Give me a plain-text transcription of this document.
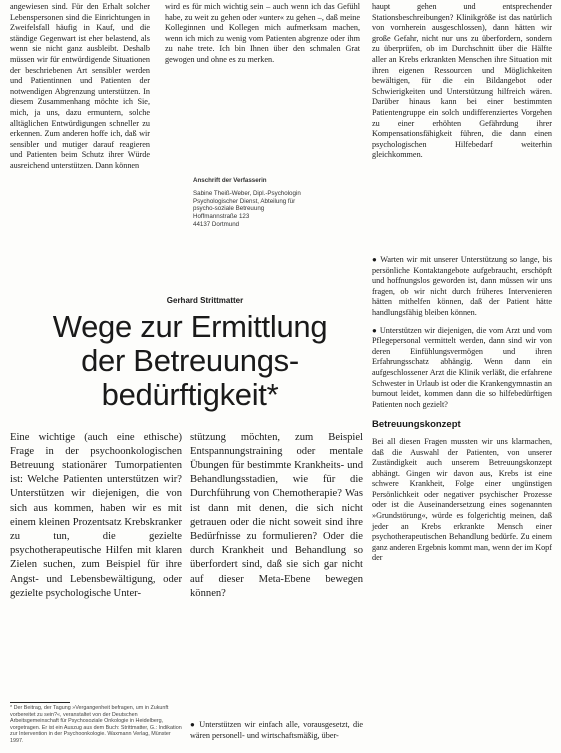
angewiesen sind. Für den Erhalt solcher Lebenspersonen sind die Einrichtungen in Zweifelsfall häufig in Kauf, und die ständige Gegenwart ist eher belastend, als wenn sie nicht ganz ausbleibt. Deshalb müssen wir für entwürdigende Situationen der beschriebenen Art sensibler werden und Patientinnen und Patienten der notwendigen Abgrenzung unterstützen. In diesem Zusammenhang möchte ich Sie, mich, ja uns, dazu ermuntern, solche alltäglichen Entwürdigungen schneller zu erkennen. Zum anderen hoffe ich, daß wir sensibler und mutiger darauf reagieren und Patienten beim Schutz ihrer Würde ausreichend unterstützen. Dann können

wird es für mich wichtig sein – auch wenn ich das Gefühl habe, zu weit zu gehen oder »unter« zu gehen –, daß meine Kolleginnen und Kollegen mich aufmerksam machen, wenn ich mich zu wenig vom Patienten abgrenze oder ihm zu nahe trete. Ich bin Ihnen über den schmalen Grat gewogen und ohne es zu merken.

haupt gehen und entsprechender Stationsbeschreibungen? Klinikgröße ist das natürlich von vornherein ausgeschlossen), dann hätten wir große Gefahr, nicht nur uns zu überfordern, sondern zu überprüfen, ob im Durchschnitt über die Hälfte aller an Krebs erkrankten Menschen ihre Situation mit ihren eigenen Ressourcen und Möglichkeiten bewältigen, für die ein Bildangebot oder Schwierigkeiten und Unterstützung hilfreich wären. Darüber hinaus kann bei einer bestimmten Patientengruppe ein solch undifferenziertes Vorgehen zu einer erhöhten Gefährdung ihrer Kompensationsfähigkeit führen, die dann einen psychologischen Hilfebedarf weiterhin gleichkommen.

Anschrift der Verfasserin
Sabine Theiß-Weber, Dipl.-Psychologin
Psychologischer Dienst, Abteilung für
psycho-soziale Betreuung
Hoffmannstraße 123
44137 Dortmund
Gerhard Strittmatter
Wege zur Ermittlung
der Betreuungs-
bedürftigkeit*

Eine wichtige (auch eine ethische) Frage in der psychoonkologischen Betreuung stationärer Tumorpatienten ist: Welche Patienten unterstützen wir? Unterstützen wir diejenigen, die von sich aus kommen, haben wir es mit einem kleinen Prozentsatz Krebskranker zu tun, die gezielte psychotherapeutische Hilfen mit klaren Zielen suchen, zum Beispiel für ihre Angst- und Lebensbewältigung, oder gezielte psychologische Unter-

stützung möchten, zum Beispiel Entspannungstraining oder mentale Übungen für bestimmte Krankheits- und Behandlungsstadien, wie für die Durchführung von Chemotherapie? Was ist dann mit denen, die sich nicht getrauen oder die nicht soweit sind ihre Bedürfnisse zu formulieren? Oder die durch Krankheit und Behandlung so überfordert sind, daß sie sich gar nicht auf dieser Meta-Ebene bewegen können?

● Warten wir mit unserer Unterstützung so lange, bis persönliche Kontaktangebote aufgebraucht, erschöpft und hoffnungslos geworden ist, dann müssen wir uns fragen, ob wir nicht durch früheres Intervenieren hätten mithelfen können, daß der Patient hätte handlungsfähig bleiben können.

● Unterstützen wir diejenigen, die vom Arzt und vom Pflegepersonal vermittelt werden, dann sind wir von deren Einfühlungsvermögen und ihren Erfahrungsschatz abhängig. Wenn dann ein aufgeschlossener Arzt die Klinik verläßt, die erfahrene Schwester in Urlaub ist oder die Krankengymnastin an burnout leidet, kommen dann die so hilfebedürftigen Patienten noch gezielt?

Betreuungskonzept

Bei all diesen Fragen mussten wir uns klarmachen, daß die Auswahl der Patienten, von unserer Zuständigkeit auch unserem Betreuungskonzept abhängt. Gingen wir davon aus, Krebs ist eine schwere Krankheit, Folge einer ungünstigen Persönlichkeit oder negativer psychischer Prozesse oder ist die Auseinandersetzung eines sogenannten »Grundstörung«, würde es folgerichtig meinen, daß jeder an Krebs erkrankte Mensch einer psychotherapeutischen Behandlung bedürfe. Zu einem ganz anderen Ergebnis kommt man, wenn der im Kopf der

* Der Beitrag, der Tagung »Vergangenheit befragen, um in Zukunft vorbereitet zu sein?«, veranstaltet von der Deutschen Arbeitsgemeinschaft für Psychosoziale Onkologie in Heidelberg, vorgetragen. Er ist ein Auszug aus dem Buch: Strittmatter, G.: Indikation zur Intervention in der Psychoonkologie. Waxmann Verlag, Münster 1997.

● Unterstützen wir einfach alle, vorausgesetzt, die wären personell- und wirtschaftsmäßig, über-
